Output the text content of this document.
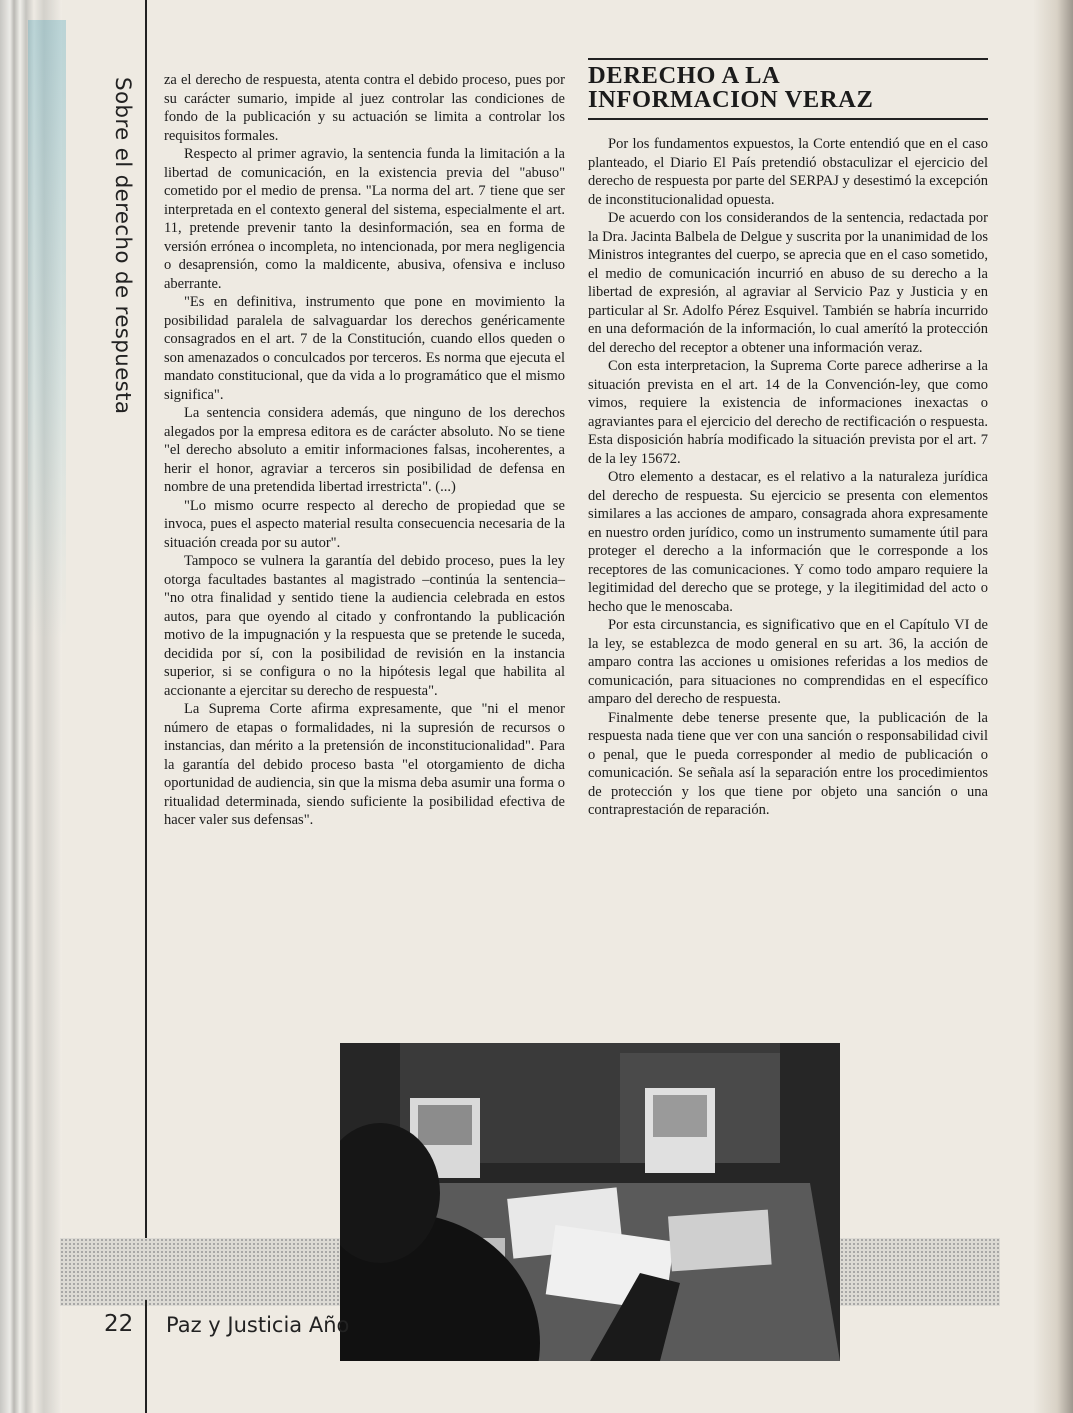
Sobre el derecho de respuesta za el derecho de respuesta, atenta contra el debido proceso, pues por su carácter sumario, impide al juez controlar las condiciones de fondo de la publicación y su actuación se limita a controlar los requisitos formales.

Respecto al primer agravio, la sentencia funda la limitación a la libertad de comunicación, en la existencia previa del "abuso" cometido por el medio de prensa. "La norma del art. 7 tiene que ser interpretada en el contexto general del sistema, especialmente el art. 11, pretende prevenir tanto la desinformación, sea en forma de versión errónea o incompleta, no intencionada, por mera negligencia o desaprensión, como la maldicente, abusiva, ofensiva e incluso aberrante.

"Es en definitiva, instrumento que pone en movimiento la posibilidad paralela de salvaguardar los derechos genéricamente consagrados en el art. 7 de la Constitución, cuando ellos queden o son amenazados o conculcados por terceros. Es norma que ejecuta el mandato constitucional, que da vida a lo programático que el mismo significa".

La sentencia considera además, que ninguno de los derechos alegados por la empresa editora es de carácter absoluto. No se tiene "el derecho absoluto a emitir informaciones falsas, incoherentes, a herir el honor, agraviar a terceros sin posibilidad de defensa en nombre de una pretendida libertad irrestricta". (...)

"Lo mismo ocurre respecto al derecho de propiedad que se invoca, pues el aspecto material resulta consecuencia necesaria de la situación creada por su autor".

Tampoco se vulnera la garantía del debido proceso, pues la ley otorga facultades bastantes al magistrado –continúa la sentencia– "no otra finalidad y sentido tiene la audiencia celebrada en estos autos, para que oyendo al citado y confrontando la publicación motivo de la impugnación y la respuesta que se pretende le suceda, decidida por sí, con la posibilidad de revisión en la instancia superior, si se configura o no la hipótesis legal que habilita al accionante a ejercitar su derecho de respuesta".

La Suprema Corte afirma expresamente, que "ni el menor número de etapas o formalidades, ni la supresión de recursos o instancias, dan mérito a la pretensión de inconstitucionalidad". Para la garantía del debido proceso basta "el otorgamiento de dicha oportunidad de audiencia, sin que la misma deba asumir una forma o ritualidad determinada, siendo suficiente la posibilidad efectiva de hacer valer sus defensas".

DERECHO A LA
INFORMACION VERAZ

Por los fundamentos expuestos, la Corte entendió que en el caso planteado, el Diario El País pretendió obstaculizar el ejercicio del derecho de respuesta por parte del SERPAJ y desestimó la excepción de inconstitucionalidad opuesta.

De acuerdo con los considerandos de la sentencia, redactada por la Dra. Jacinta Balbela de Delgue y suscrita por la unanimidad de los Ministros integrantes del cuerpo, se aprecia que en el caso sometido, el medio de comunicación incurrió en abuso de su derecho a la libertad de expresión, al agraviar al Servicio Paz y Justicia y en particular al Sr. Adolfo Pérez Esquivel. También se habría incurrido en una deformación de la información, lo cual amerító la protección del derecho del receptor a obtener una información veraz.

Con esta interpretacion, la Suprema Corte parece adherirse a la situación prevista en el art. 14 de la Convención-ley, que como vimos, requiere la existencia de informaciones inexactas o agraviantes para el ejercicio del derecho de rectificación o respuesta. Esta disposición habría modificado la situación prevista por el art. 7 de la ley 15672.

Otro elemento a destacar, es el relativo a la naturaleza jurídica del derecho de respuesta. Su ejercicio se presenta con elementos similares a las acciones de amparo, consagrada ahora expresamente en nuestro orden jurídico, como un instrumento sumamente útil para proteger el derecho a la información que le corresponde a los receptores de las comunicaciones. Y como todo amparo requiere la legitimidad del derecho que se protege, y la ilegitimidad del acto o hecho que le menoscaba.

Por esta circunstancia, es significativo que en el Capítulo VI de la ley, se establezca de modo general en su art. 36, la acción de amparo contra las acciones u omisiones referidas a los medios de comunicación, para situaciones no comprendidas en el específico amparo del derecho de respuesta.

Finalmente debe tenerse presente que, la publicación de la respuesta nada tiene que ver con una sanción o responsabilidad civil o penal, que le pueda corresponder al medio de publicación o comunicación. Se señala así la separación entre los procedimientos de protección y los que tiene por objeto una sanción o una contraprestación de reparación.

22 Paz y Justicia Año
